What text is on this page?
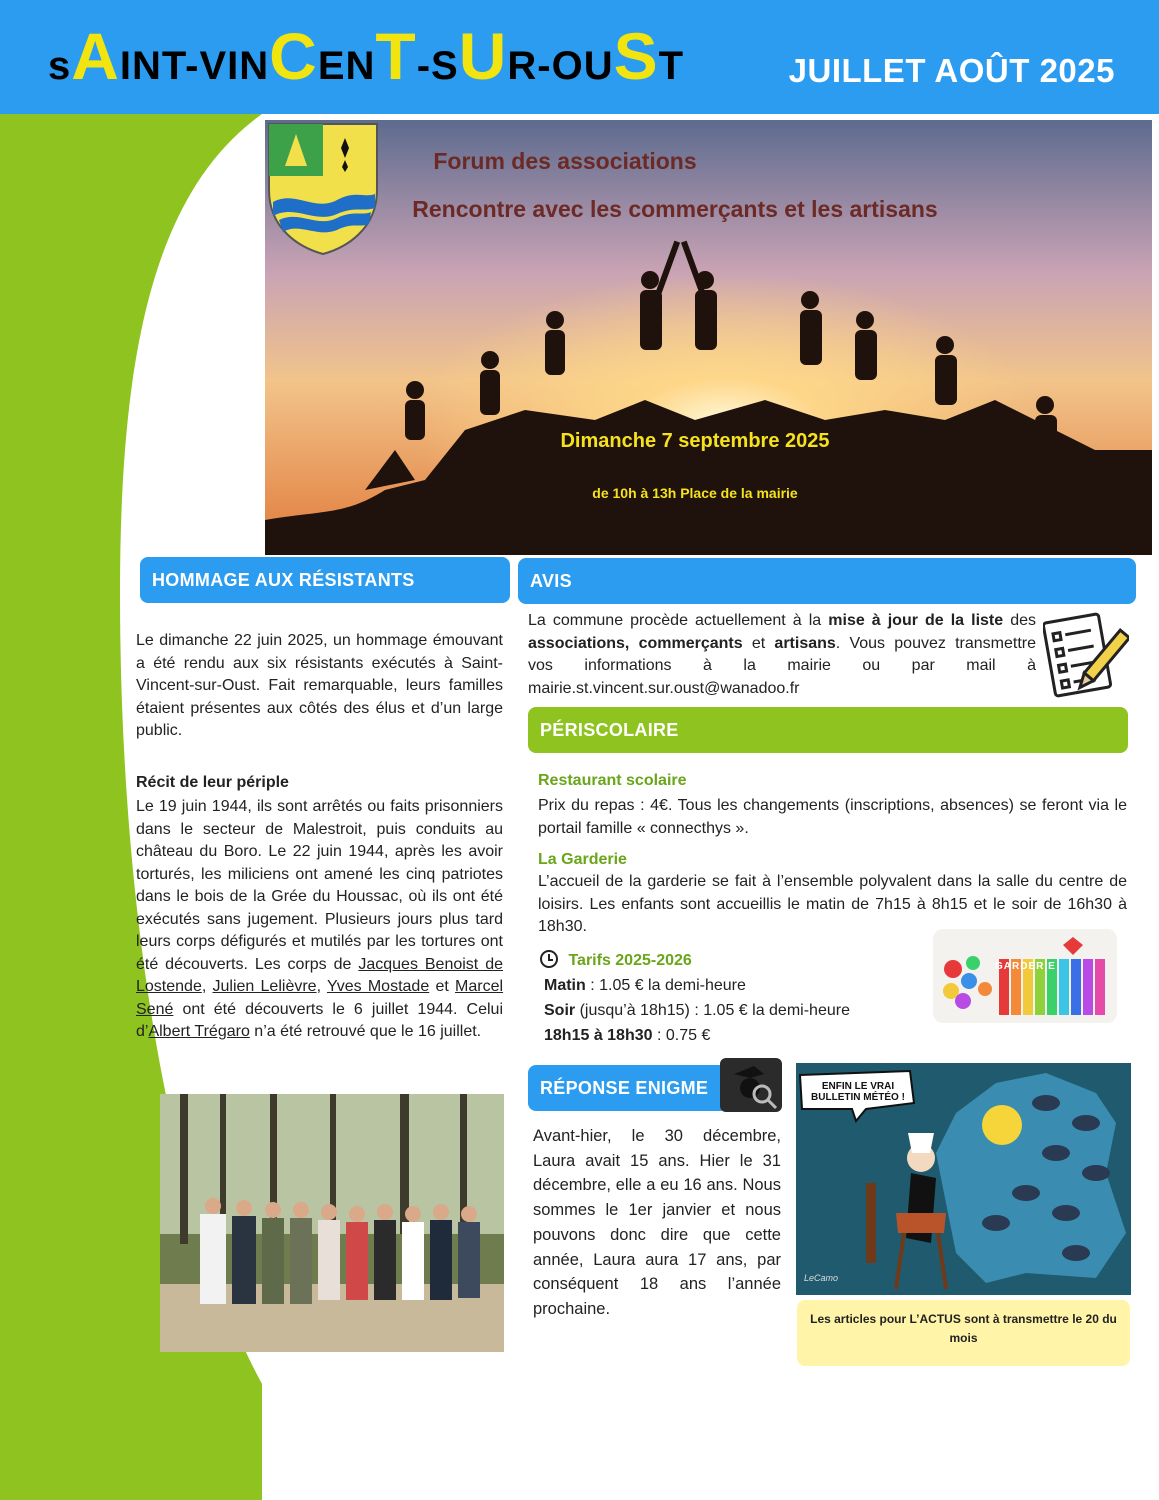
sAINT-VINCENT-SUR-OUST	JUILLET AOÛT 2025
Forum des associations
Rencontre avec les commerçants et les artisans
Dimanche 7 septembre 2025
de 10h à 13h Place de la mairie
HOMMAGE AUX RÉSISTANTS
Le dimanche 22 juin 2025, un hommage émouvant a été rendu aux six résistants exécutés à Saint-Vincent-sur-Oust. Fait remarquable, leurs familles étaient présentes aux côtés des élus et d’un large public.
Récit de leur périple
Le 19 juin 1944, ils sont arrêtés ou faits prisonniers dans le secteur de Malestroit, puis conduits au château du Boro. Le 22 juin 1944, après les avoir torturés, les miliciens ont amené les cinq patriotes dans le bois de la Grée du Houssac, où ils ont été exécutés sans jugement. Plusieurs jours plus tard leurs corps défigurés et mutilés par les tortures ont été découverts. Les corps de Jacques Benoist de Lostende, Julien Lelièvre, Yves Mostade et Marcel Sené ont été découverts le 6 juillet 1944. Celui d’Albert Trégaro n’a été retrouvé que le 16 juillet.
AVIS
La commune procède actuellement à la mise à jour de la liste des associations, commerçants et artisans. Vous pouvez transmettre vos informations à la mairie ou par mail à mairie.st.vincent.sur.oust@wanadoo.fr
PÉRISCOLAIRE
Restaurant scolaire
Prix du repas : 4€. Tous les changements (inscriptions, absences) se feront via le portail famille « connecthys ».
La Garderie
L’accueil de la garderie se fait à l’ensemble polyvalent dans la salle du centre de loisirs. Les enfants sont accueillis le matin de 7h15 à 8h15 et le soir de 16h30 à 18h30.
Tarifs 2025-2026
Matin : 1.05 € la demi-heure
Soir (jusqu’à 18h15) : 1.05 € la demi-heure
18h15 à 18h30 : 0.75 €
GARDERIE
RÉPONSE ENIGME
Avant-hier, le 30 décembre, Laura avait 15 ans. Hier le 31 décembre, elle a eu 16 ans. Nous sommes le 1er janvier et nous pouvons donc dire que cette année, Laura aura 17 ans, par conséquent 18 ans l’année prochaine.
ENFIN LE VRAI BULLETIN MÉTÉO !
LeCamo
Les articles pour L’ACTUS sont à transmettre le 20 du mois
